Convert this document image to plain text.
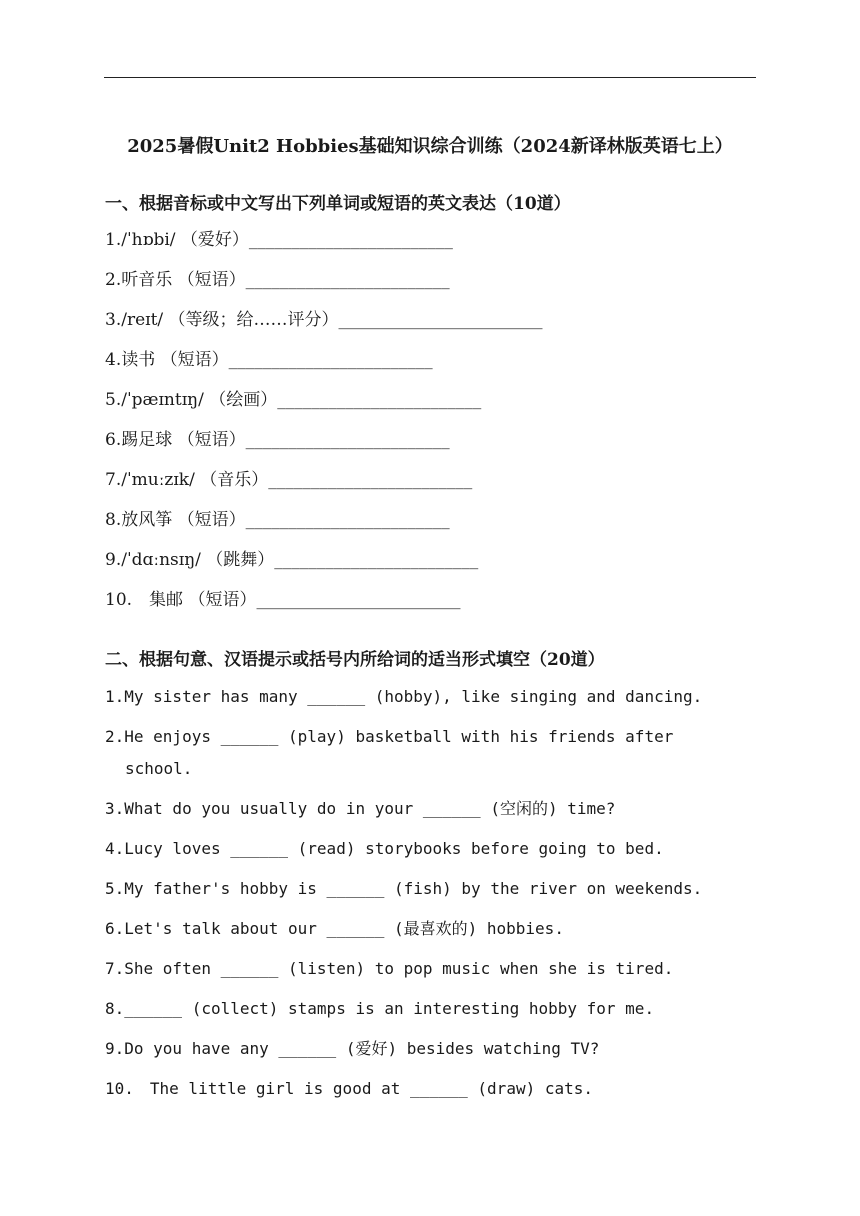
2025暑假Unit2 Hobbies基础知识综合训练（2024新译林版英语七上）
一、根据音标或中文写出下列单词或短语的英文表达（10道）
1./ˈhɒbi/ （爱好）________________________
2.听音乐 （短语）________________________
3./reɪt/ （等级；给……评分）________________________
4.读书 （短语）________________________
5./ˈpæɪntɪŋ/ （绘画）________________________
6.踢足球 （短语）________________________
7./ˈmuːzɪk/ （音乐）________________________
8.放风筝 （短语）________________________
9./ˈdɑːnsɪŋ/ （跳舞）________________________
10.　集邮 （短语）________________________
二、根据句意、汉语提示或括号内所给词的适当形式填空（20道）
1.My sister has many ______ (hobby), like singing and dancing.
2.He enjoys ______ (play) basketball with his friends after
school.
3.What do you usually do in your ______ (空闲的) time?
4.Lucy loves ______ (read) storybooks before going to bed.
5.My father's hobby is ______ (fish) by the river on weekends.
6.Let's talk about our ______ (最喜欢的) hobbies.
7.She often ______ (listen) to pop music when she is tired.
8.______ (collect) stamps is an interesting hobby for me.
9.Do you have any ______ (爱好) besides watching TV?
10.　The little girl is good at ______ (draw) cats.
